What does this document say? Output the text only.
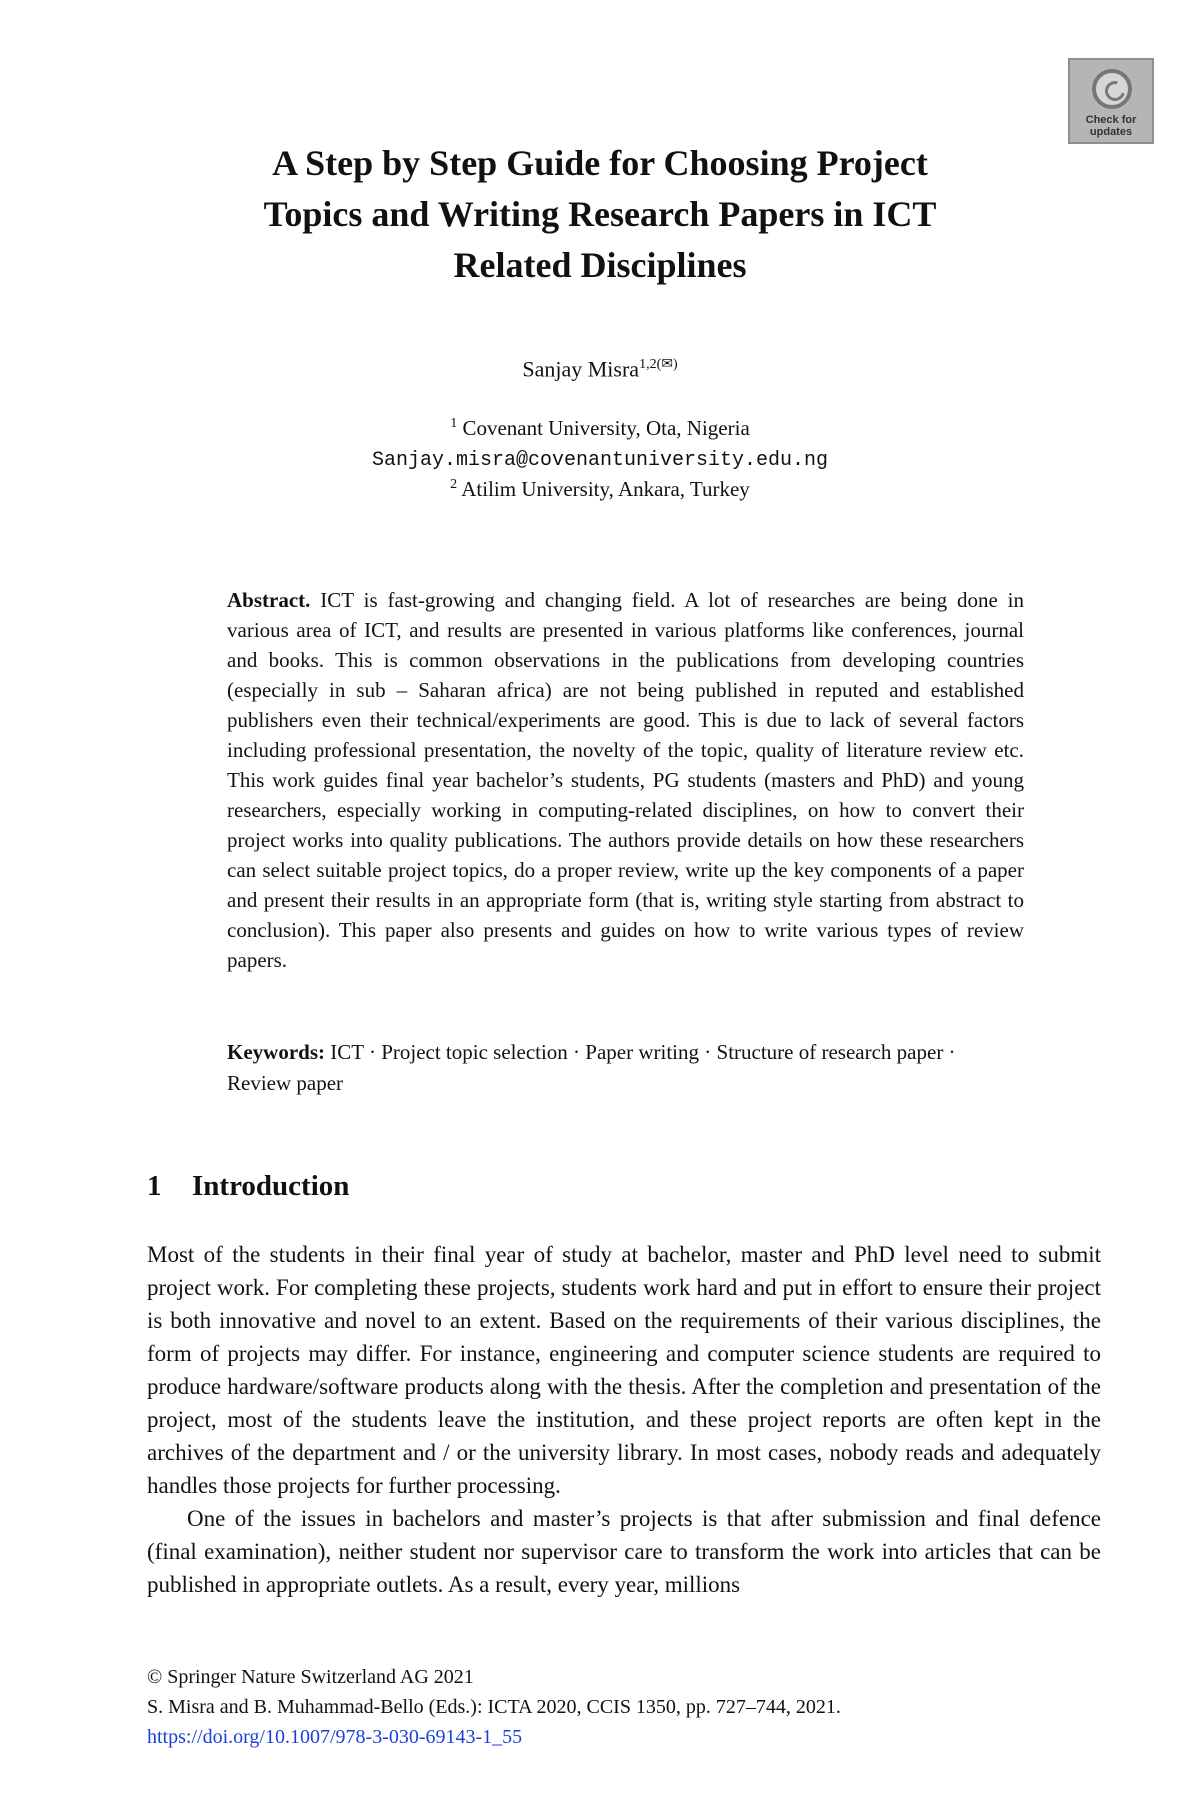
Check for
updates
A Step by Step Guide for Choosing Project
Topics and Writing Research Papers in ICT
Related Disciplines
Sanjay Misra$^{1,2(✉)}$
$^1$ Covenant University, Ota, Nigeria
Sanjay.misra@covenantuniversity.edu.ng
$^2$ Atilim University, Ankara, Turkey

Abstract. ICT is fast-growing and changing field. A lot of researches are being done in various area of ICT, and results are presented in various platforms like conferences, journal and books. This is common observations in the publications from developing countries (especially in sub – Saharan africa) are not being published in reputed and established publishers even their technical/experiments are good. This is due to lack of several factors including professional presentation, the novelty of the topic, quality of literature review etc. This work guides final year bachelor’s students, PG students (masters and PhD) and young researchers, especially working in computing-related disciplines, on how to convert their project works into quality publications. The authors provide details on how these researchers can select suitable project topics, do a proper review, write up the key components of a paper and present their results in an appropriate form (that is, writing style starting from abstract to conclusion). This paper also presents and guides on how to write various types of review papers.

Keywords: ICT · Project topic selection · Paper writing · Structure of research paper · Review paper

1 Introduction

Most of the students in their final year of study at bachelor, master and PhD level need to submit project work. For completing these projects, students work hard and put in effort to ensure their project is both innovative and novel to an extent. Based on the requirements of their various disciplines, the form of projects may differ. For instance, engineering and computer science students are required to produce hardware/software products along with the thesis. After the completion and presentation of the project, most of the students leave the institution, and these project reports are often kept in the archives of the department and / or the university library. In most cases, nobody reads and adequately handles those projects for further processing.

One of the issues in bachelors and master’s projects is that after submission and final defence (final examination), neither student nor supervisor care to transform the work into articles that can be published in appropriate outlets. As a result, every year, millions

© Springer Nature Switzerland AG 2021
S. Misra and B. Muhammad-Bello (Eds.): ICTA 2020, CCIS 1350, pp. 727–744, 2021.
https://doi.org/10.1007/978-3-030-69143-1_55
